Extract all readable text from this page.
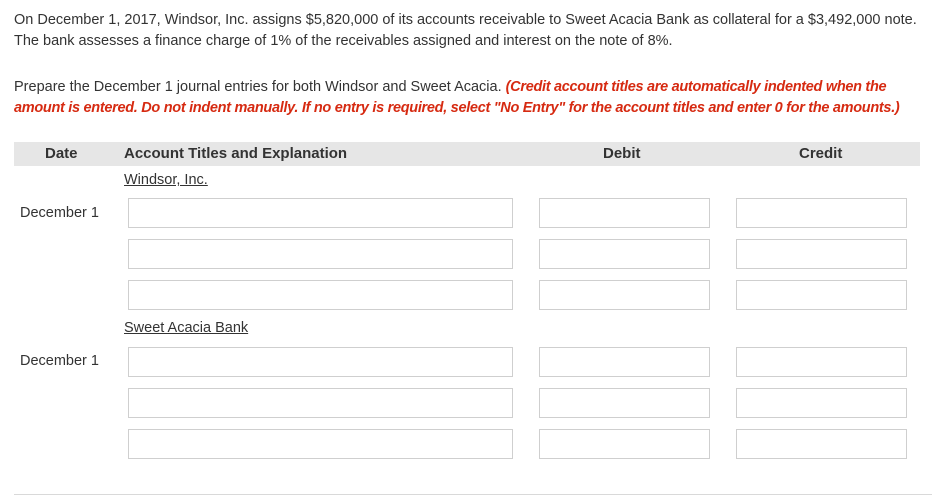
On December 1, 2017, Windsor, Inc. assigns $5,820,000 of its accounts receivable to Sweet Acacia Bank as collateral for a $3,492,000 note. The bank assesses a finance charge of 1% of the receivables assigned and interest on the note of 8%.
Prepare the December 1 journal entries for both Windsor and Sweet Acacia. (Credit account titles are automatically indented when the amount is entered. Do not indent manually. If no entry is required, select "No Entry" for the account titles and enter 0 for the amounts.)
Date	Account Titles and Explanation	Debit	Credit
Windsor, Inc.
December 1
Sweet Acacia Bank
December 1
